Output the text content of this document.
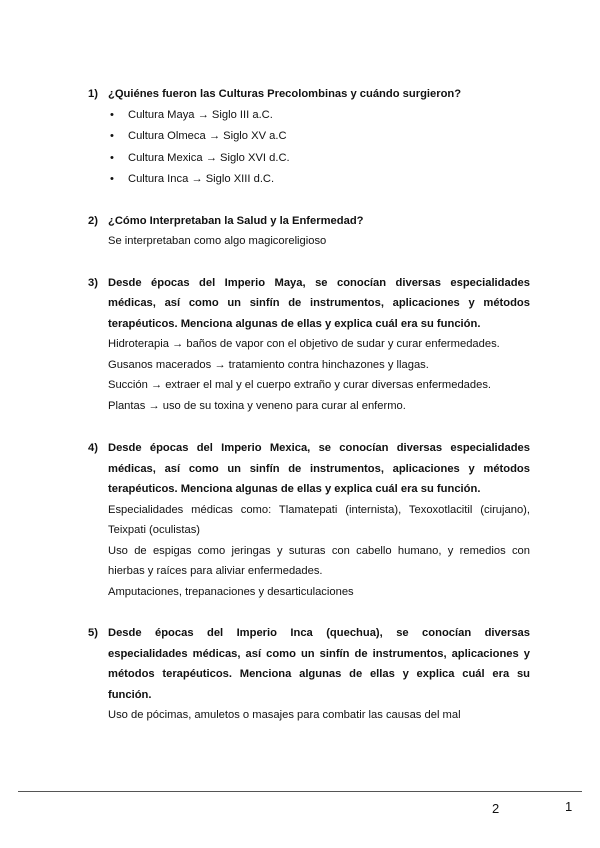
1) ¿Quiénes fueron las Culturas Precolombinas y cuándo surgieron?
• Cultura Maya → Siglo III a.C.
• Cultura Olmeca → Siglo XV a.C
• Cultura Mexica → Siglo XVI d.C.
• Cultura Inca → Siglo XIII d.C.
2) ¿Cómo Interpretaban la Salud y la Enfermedad?
Se interpretaban como algo magicoreligioso
3) Desde épocas del Imperio Maya, se conocían diversas especialidades médicas, así como un sinfín de instrumentos, aplicaciones y métodos terapéuticos. Menciona algunas de ellas y explica cuál era su función.
Hidroterapia → baños de vapor con el objetivo de sudar y curar enfermedades.
Gusanos macerados → tratamiento contra hinchazones y llagas.
Succión → extraer el mal y el cuerpo extraño y curar diversas enfermedades.
Plantas → uso de su toxina y veneno para curar al enfermo.
4) Desde épocas del Imperio Mexica, se conocían diversas especialidades médicas, así como un sinfín de instrumentos, aplicaciones y métodos terapéuticos. Menciona algunas de ellas y explica cuál era su función.
Especialidades médicas como: Tlamatepati (internista), Texoxotlacitil (cirujano), Teixpati (oculistas)
Uso de espigas como jeringas y suturas con cabello humano, y remedios con hierbas y raíces para aliviar enfermedades.
Amputaciones, trepanaciones y desarticulaciones
5) Desde épocas del Imperio Inca (quechua), se conocían diversas especialidades médicas, así como un sinfín de instrumentos, aplicaciones y métodos terapéuticos. Menciona algunas de ellas y explica cuál era su función.
Uso de pócimas, amuletos o masajes para combatir las causas del mal
2	1
